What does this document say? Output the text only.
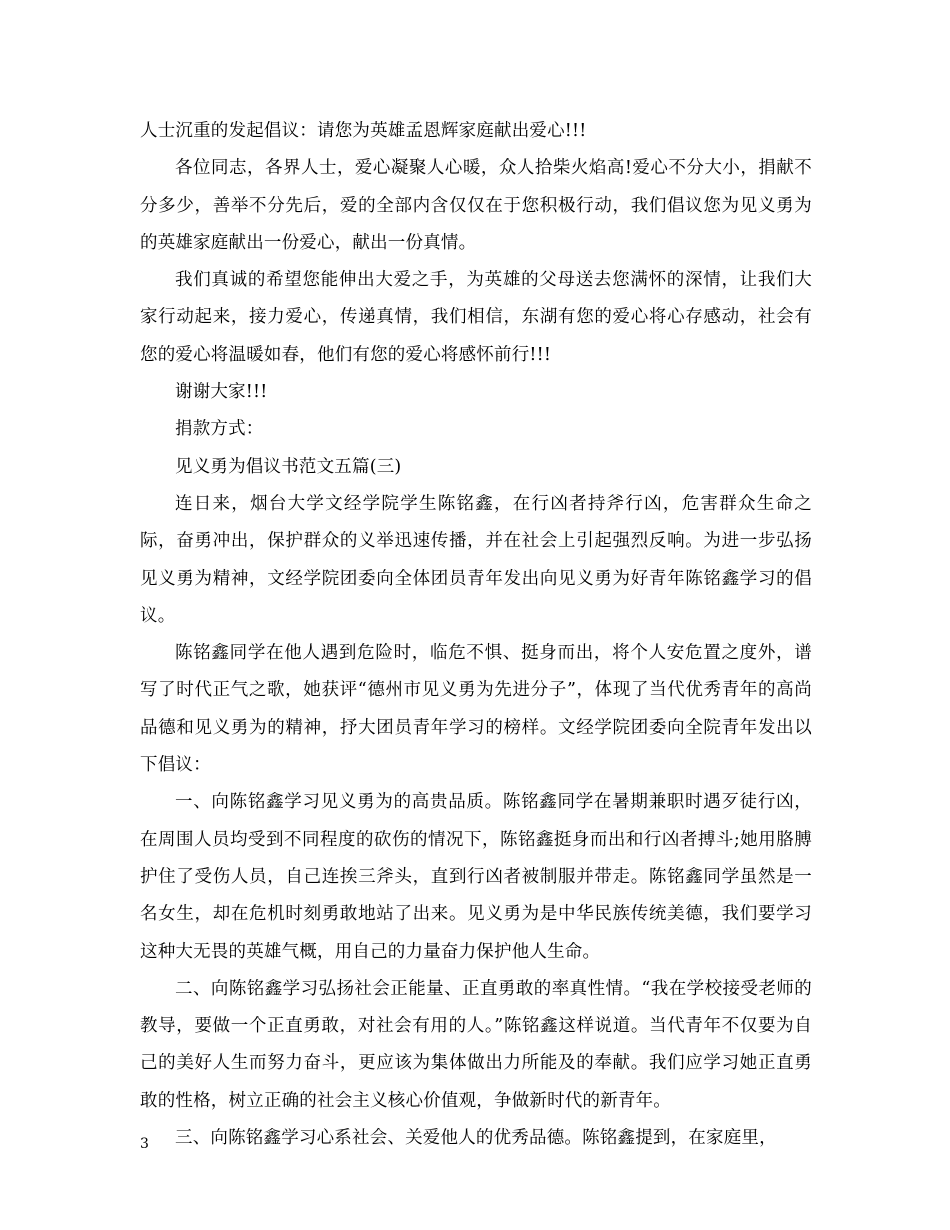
人士沉重的发起倡议：请您为英雄孟恩辉家庭献出爱心!!!

各位同志，各界人士，爱心凝聚人心暖，众人拾柴火焰高!爱心不分大小，捐献不分多少，善举不分先后，爱的全部内含仅仅在于您积极行动，我们倡议您为见义勇为的英雄家庭献出一份爱心，献出一份真情。

我们真诚的希望您能伸出大爱之手，为英雄的父母送去您满怀的深情，让我们大家行动起来，接力爱心，传递真情，我们相信，东湖有您的爱心将心存感动，社会有您的爱心将温暖如春，他们有您的爱心将感怀前行!!!

谢谢大家!!!

捐款方式：

见义勇为倡议书范文五篇(三)

连日来，烟台大学文经学院学生陈铭鑫，在行凶者持斧行凶，危害群众生命之际，奋勇冲出，保护群众的义举迅速传播，并在社会上引起强烈反响。为进一步弘扬见义勇为精神，文经学院团委向全体团员青年发出向见义勇为好青年陈铭鑫学习的倡议。

陈铭鑫同学在他人遇到危险时，临危不惧、挺身而出，将个人安危置之度外，谱写了时代正气之歌，她获评“德州市见义勇为先进分子”，体现了当代优秀青年的高尚品德和见义勇为的精神，抒大团员青年学习的榜样。文经学院团委向全院青年发出以下倡议：

一、向陈铭鑫学习见义勇为的高贵品质。陈铭鑫同学在暑期兼职时遇歹徒行凶，在周围人员均受到不同程度的砍伤的情况下，陈铭鑫挺身而出和行凶者搏斗;她用胳膊护住了受伤人员，自己连挨三斧头，直到行凶者被制服并带走。陈铭鑫同学虽然是一名女生，却在危机时刻勇敢地站了出来。见义勇为是中华民族传统美德，我们要学习这种大无畏的英雄气概，用自己的力量奋力保护他人生命。

二、向陈铭鑫学习弘扬社会正能量、正直勇敢的率真性情。“我在学校接受老师的教导，要做一个正直勇敢，对社会有用的人。”陈铭鑫这样说道。当代青年不仅要为自己的美好人生而努力奋斗，更应该为集体做出力所能及的奉献。我们应学习她正直勇敢的性格，树立正确的社会主义核心价值观，争做新时代的新青年。

三、向陈铭鑫学习心系社会、关爱他人的优秀品德。陈铭鑫提到，在家庭里，

3
